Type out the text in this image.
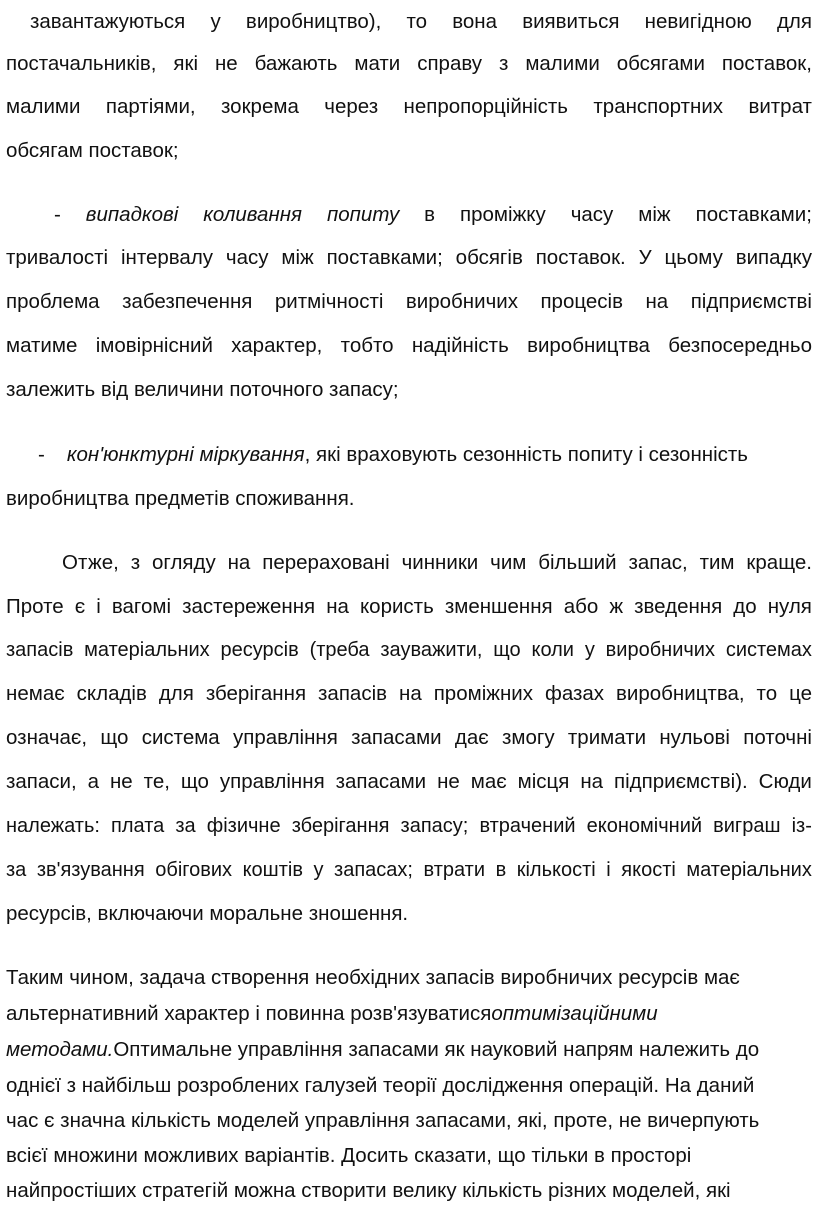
завантажуються у виробництво), то вона виявиться невигідною для
постачальників, які не бажають мати справу з малими обсягами поставок,
малими партіями, зокрема через непропорційність транспортних витрат
обсягам поставок;
- випадкові коливання попиту в проміжку часу між поставками;
тривалості інтервалу часу між поставками; обсягів поставок. У цьому випадку
проблема забезпечення ритмічності виробничих процесів на підприємстві
матиме імовірнісний характер, тобто надійність виробництва безпосередньо
залежить від величини поточного запасу;
- кон'юнктурні міркування, які враховують сезонність попиту і сезонність
виробництва предметів споживання.
Отже, з огляду на перераховані чинники чим більший запас, тим краще.
Проте є і вагомі застереження на користь зменшення або ж зведення до нуля
запасів матеріальних ресурсів (треба зауважити, що коли у виробничих системах
немає складів для зберігання запасів на проміжних фазах виробництва, то це
означає, що система управління запасами дає змогу тримати нульові поточні
запаси, а не те, що управління запасами не має місця на підприємстві). Сюди
належать: плата за фізичне зберігання запасу; втрачений економічний виграш із-
за зв'язування обігових коштів у запасах; втрати в кількості і якості матеріальних
ресурсів, включаючи моральне зношення.
Таким чином, задача створення необхідних запасів виробничих ресурсів має
альтернативний характер і повинна розв'язуватися оптимізаційними
методами. Оптимальне управління запасами як науковий напрям належить до
однієї з найбільш розроблених галузей теорії дослідження операцій. На даний
час є значна кількість моделей управління запасами, які, проте, не вичерпують
всієї множини можливих варіантів. Досить сказати, що тільки в просторі
найпростіших стратегій можна створити велику кількість різних моделей, які
